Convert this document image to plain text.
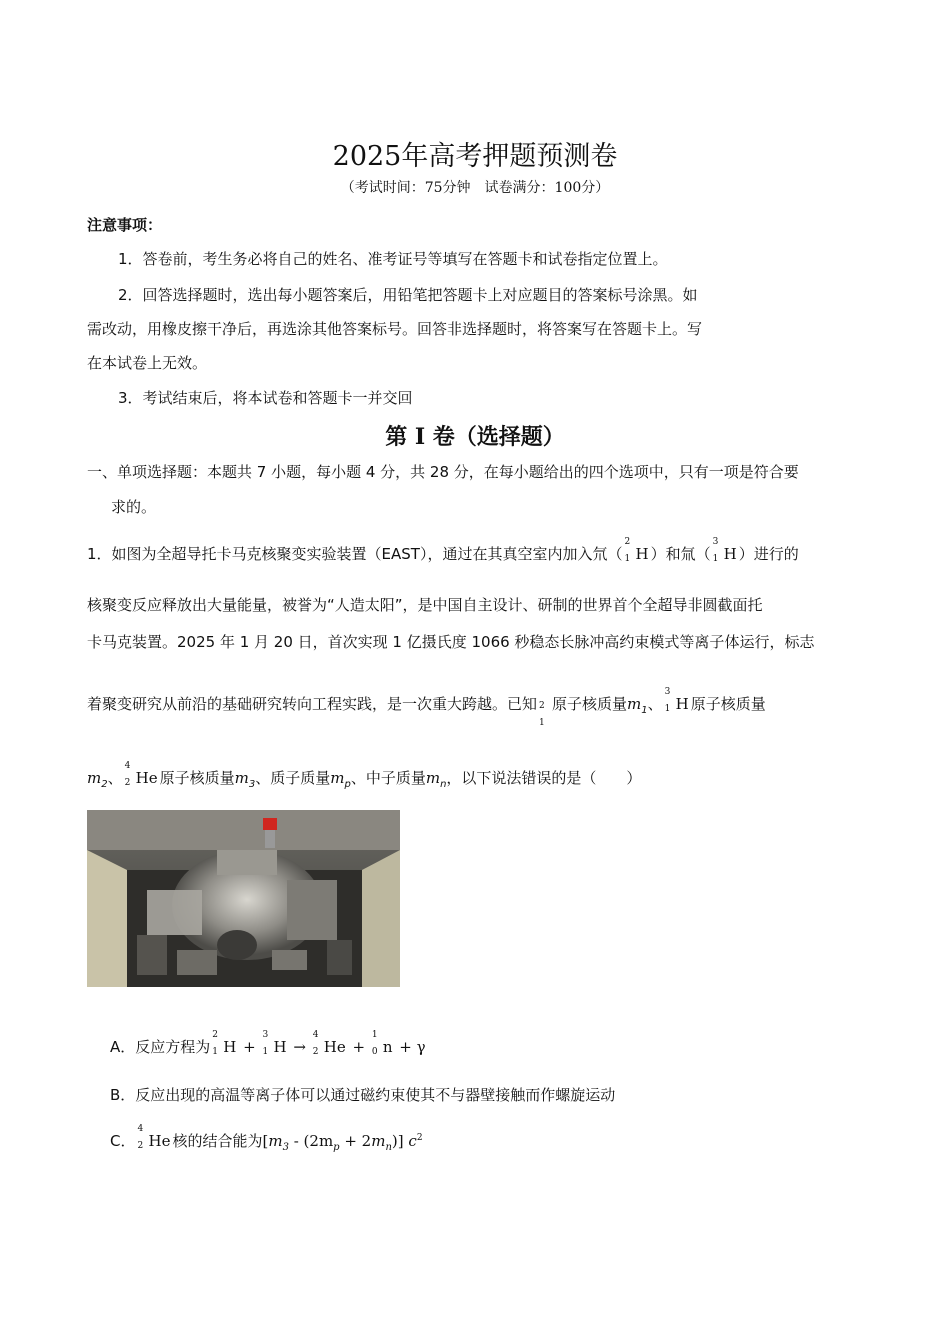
2025年高考押题预测卷
（考试时间：75分钟　试卷满分：100分）
注意事项：
1．答卷前，考生务必将自己的姓名、准考证号等填写在答题卡和试卷指定位置上。
2．回答选择题时，选出每小题答案后，用铅笔把答题卡上对应题目的答案标号涂黑。如
需改动，用橡皮擦干净后，再选涂其他答案标号。回答非选择题时，将答案写在答题卡上。写
在本试卷上无效。
3．考试结束后，将本试卷和答题卡一并交回
第 I 卷（选择题）
一、单项选择题：本题共 7 小题，每小题 4 分，共 28 分，在每小题给出的四个选项中，只有一项是符合要
求的。
1．如图为全超导托卡马克核聚变实验装置（EAST），通过在其真空室内加入氘（
2
1 H ）和氚（
3
1 H ）进行的
核聚变反应释放出大量能量，被誉为“人造太阳”，是中国自主设计、研制的世界首个全超导非圆截面托
卡马克装置。2025 年 1 月 20 日，首次实现 1 亿摄氏度 1066 秒稳态长脉冲高约束模式等离子体运行，标志
着聚变研究从前沿的基础研究转向工程实践，是一次重大跨越。已知 2
1
原子核质量$m_1$、
3
1 H 原子核质量
$m_2$、
4
2 He 原子核质量$m_3$、质子质量$m_p$、中子质量$m_n$，以下说法错误的是（　　）
A．反应方程为
2
1 H +
3
1 H →
4
2 He +
1
0 n + γ
B．反应出现的高温等离子体可以通过磁约束使其不与器壁接触而作螺旋运动
C．
4
2 He 核的结合能为$[m_3 - (2m_p + 2m_n)]$ $c^2$
